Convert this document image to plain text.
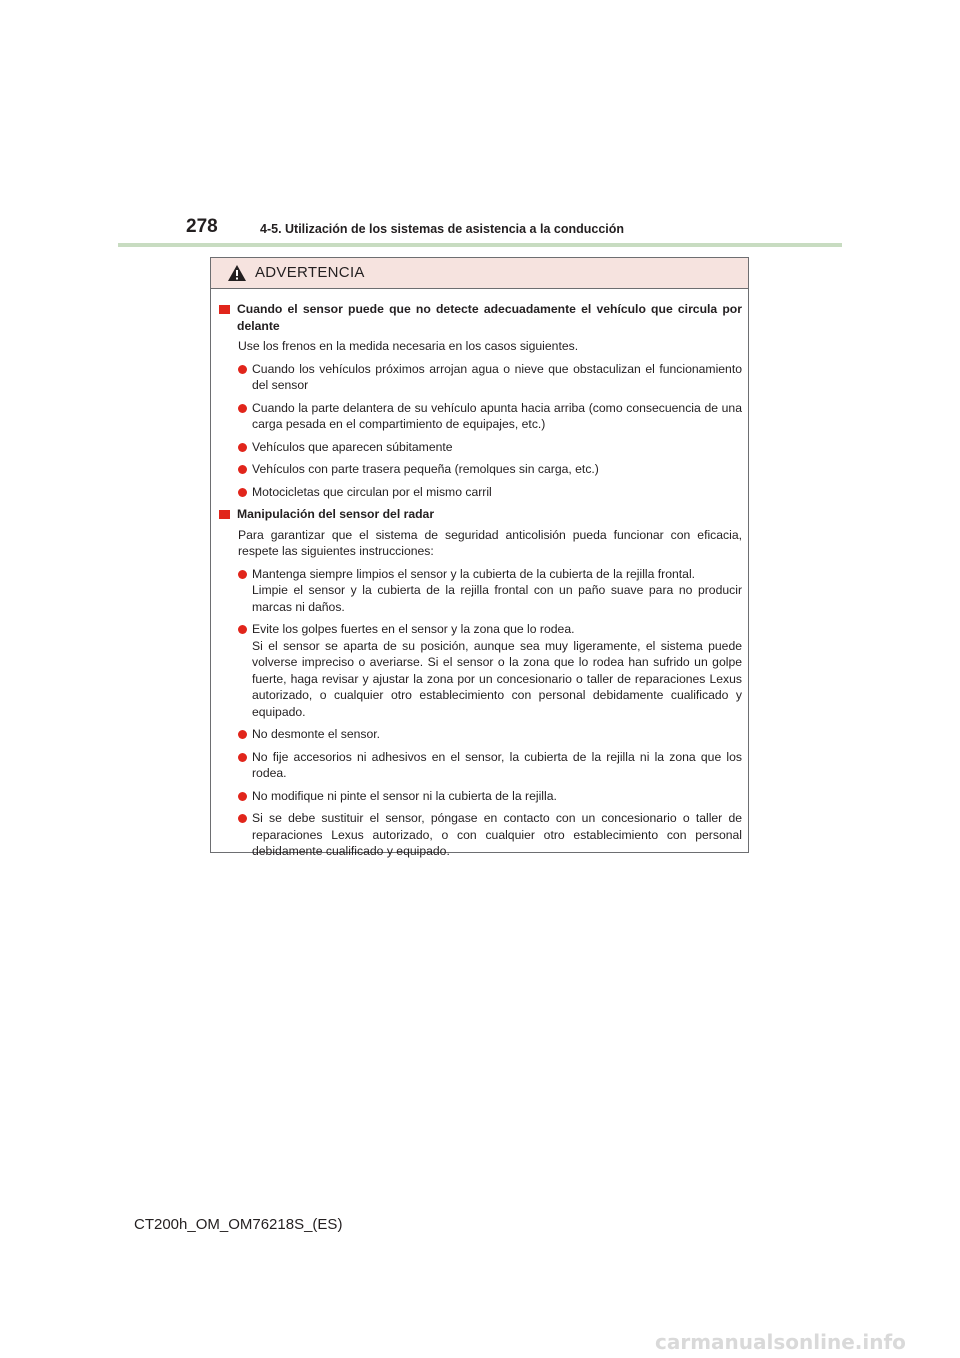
278	4-5. Utilización de los sistemas de asistencia a la conducción
ADVERTENCIA
Cuando el sensor puede que no detecte adecuadamente el vehículo que circula por delante
Use los frenos en la medida necesaria en los casos siguientes.

Cuando los vehículos próximos arrojan agua o nieve que obstaculizan el funcionamiento del sensor

Cuando la parte delantera de su vehículo apunta hacia arriba (como consecuencia de una carga pesada en el compartimiento de equipajes, etc.)

Vehículos que aparecen súbitamente

Vehículos con parte trasera pequeña (remolques sin carga, etc.)

Motocicletas que circulan por el mismo carril

Manipulación del sensor del radar
Para garantizar que el sistema de seguridad anticolisión pueda funcionar con eficacia, respete las siguientes instrucciones:

Mantenga siempre limpios el sensor y la cubierta de la cubierta de la rejilla frontal.

Limpie el sensor y la cubierta de la rejilla frontal con un paño suave para no producir marcas ni daños.

Evite los golpes fuertes en el sensor y la zona que lo rodea.

Si el sensor se aparta de su posición, aunque sea muy ligeramente, el sistema puede volverse impreciso o averiarse. Si el sensor o la zona que lo rodea han sufrido un golpe fuerte, haga revisar y ajustar la zona por un concesionario o taller de reparaciones Lexus autorizado, o cualquier otro establecimiento con personal debidamente cualificado y equipado.

No desmonte el sensor.

No fije accesorios ni adhesivos en el sensor, la cubierta de la rejilla ni la zona que los rodea.

No modifique ni pinte el sensor ni la cubierta de la rejilla.

Si se debe sustituir el sensor, póngase en contacto con un concesionario o taller de reparaciones Lexus autorizado, o con cualquier otro establecimiento con personal debidamente cualificado y equipado.

CT200h_OM_OM76218S_(ES)
carmanualsonline.info
